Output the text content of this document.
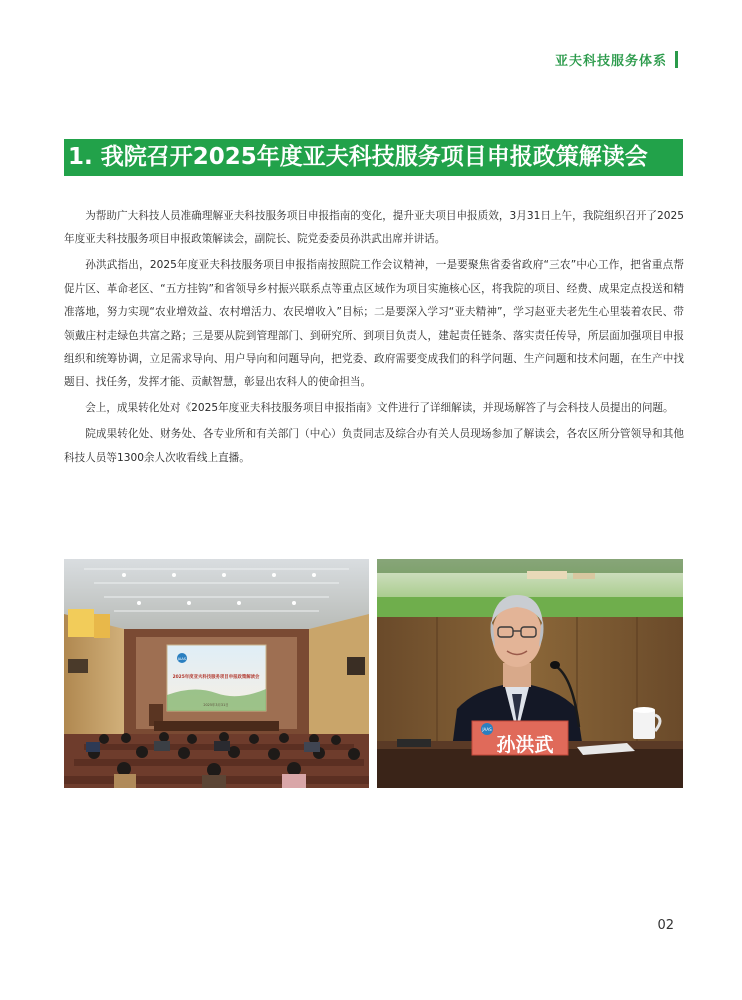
亚夫科技服务体系
1. 我院召开2025年度亚夫科技服务项目申报政策解读会

为帮助广大科技人员准确理解亚夫科技服务项目申报指南的变化，提升亚夫项目申报质效，3月31日上午，我院组织召开了2025年度亚夫科技服务项目申报政策解读会，副院长、院党委委员孙洪武出席并讲话。

孙洪武指出，2025年度亚夫科技服务项目申报指南按照院工作会议精神，一是要聚焦省委省政府“三农”中心工作，把省重点帮促片区、革命老区、“五方挂钩”和省领导乡村振兴联系点等重点区域作为项目实施核心区，将我院的项目、经费、成果定点投送和精准落地，努力实现“农业增效益、农村增活力、农民增收入”目标；二是要深入学习“亚夫精神”，学习赵亚夫老先生心里装着农民、带领戴庄村走绿色共富之路；三是要从院到管理部门、到研究所、到项目负责人，建起责任链条、落实责任传导，所层面加强项目申报组织和统筹协调，立足需求导向、用户导向和问题导向，把党委、政府需要变成我们的科学问题、生产问题和技术问题，在生产中找题目、找任务，发挥才能、贡献智慧，彰显出农科人的使命担当。

会上，成果转化处对《2025年度亚夫科技服务项目申报指南》文件进行了详细解读，并现场解答了与会科技人员提出的问题。

院成果转化处、财务处、各专业所和有关部门（中心）负责同志及综合办有关人员现场参加了解读会，各农区所分管领导和其他科技人员等1300余人次收看线上直播。

JAAS
2025年度亚夫科技服务项目申报政策解读会
2025年3月31日
JAAS
孙洪武
02
